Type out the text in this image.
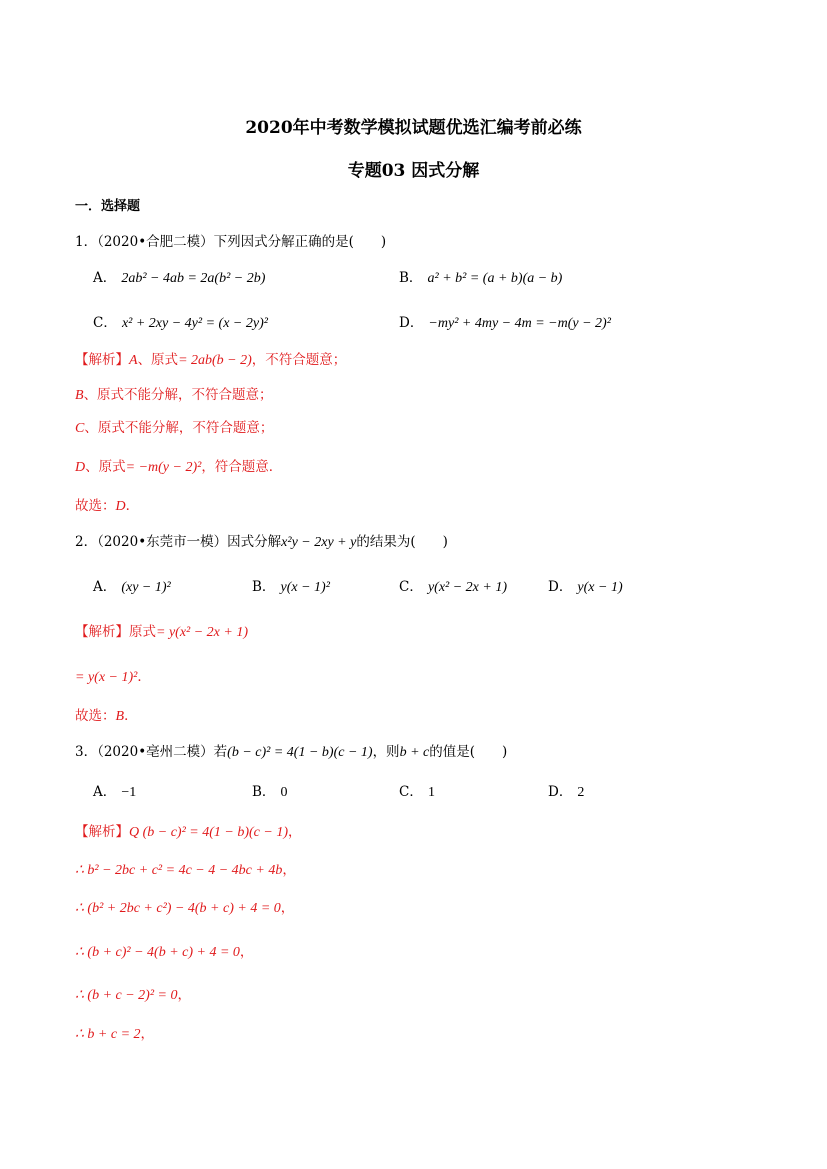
2020年中考数学模拟试题优选汇编考前必练
专题03 因式分解
一．选择题
1．（2020•合肥二模）下列因式分解正确的是(　　)
A． 2ab² − 4ab = 2a(b² − 2b)	B． a² + b² = (a + b)(a − b)
C． x² + 2xy − 4y² = (x − 2y)²	D． −my² + 4my − 4m = −m(y − 2)²
【解析】A、原式= 2ab(b − 2)，不符合题意；
B、原式不能分解，不符合题意；
C、原式不能分解，不符合题意；
D、原式= −m(y − 2)²，符合题意．
故选：D．
2．（2020•东莞市一模）因式分解x²y − 2xy + y的结果为(　　)
A． (xy − 1)²	B． y(x − 1)²	C． y(x² − 2x + 1)	D． y(x − 1)
【解析】原式= y(x² − 2x + 1)
= y(x − 1)²．
故选：B．
3．（2020•亳州二模）若(b − c)² = 4(1 − b)(c − 1)，则b + c的值是(　　)
A． −1	B． 0	C． 1	D． 2
【解析】Q (b − c)² = 4(1 − b)(c − 1)，
∴ b² − 2bc + c² = 4c − 4 − 4bc + 4b，
∴ (b² + 2bc + c²) − 4(b + c) + 4 = 0，
∴ (b + c)² − 4(b + c) + 4 = 0，
∴ (b + c − 2)² = 0，
∴ b + c = 2，
